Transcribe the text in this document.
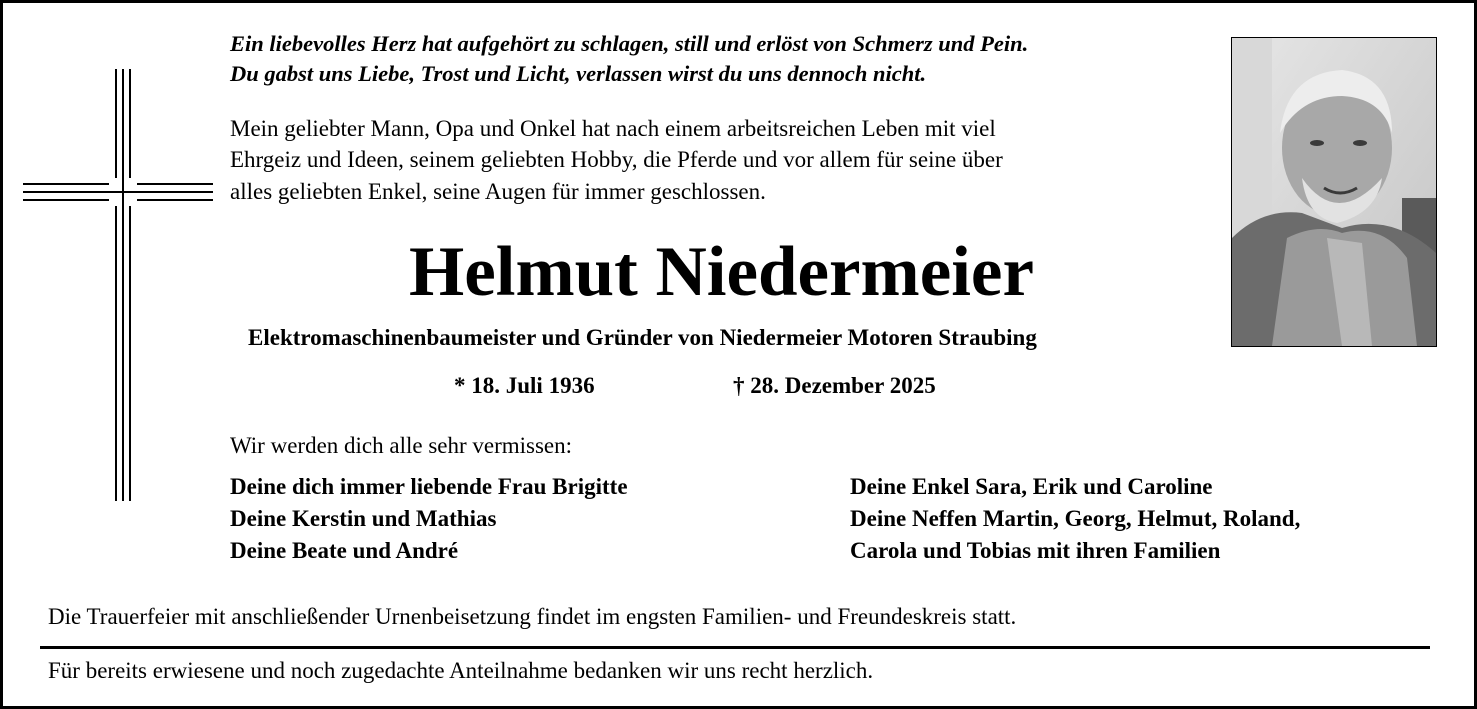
Ein liebevolles Herz hat aufgehört zu schlagen, still und erlöst von Schmerz und Pein.

Du gabst uns Liebe, Trost und Licht, verlassen wirst du uns dennoch nicht.

Mein geliebter Mann, Opa und Onkel hat nach einem arbeitsreichen Leben mit viel

Ehrgeiz und Ideen, seinem geliebten Hobby, die Pferde und vor allem für seine über

alles geliebten Enkel, seine Augen für immer geschlossen.

Helmut Niedermeier

Elektromaschinenbaumeister und Gründer von Niedermeier Motoren Straubing

* 18. Juli 1936	† 28. Dezember 2025

Wir werden dich alle sehr vermissen:

Deine dich immer liebende Frau Brigitte

Deine Kerstin und Mathias

Deine Beate und André

Deine Enkel Sara, Erik und Caroline

Deine Neffen Martin, Georg, Helmut, Roland,

Carola und Tobias mit ihren Familien

Die Trauerfeier mit anschließender Urnenbeisetzung findet im engsten Familien- und Freundeskreis statt.

Für bereits erwiesene und noch zugedachte Anteilnahme bedanken wir uns recht herzlich.
